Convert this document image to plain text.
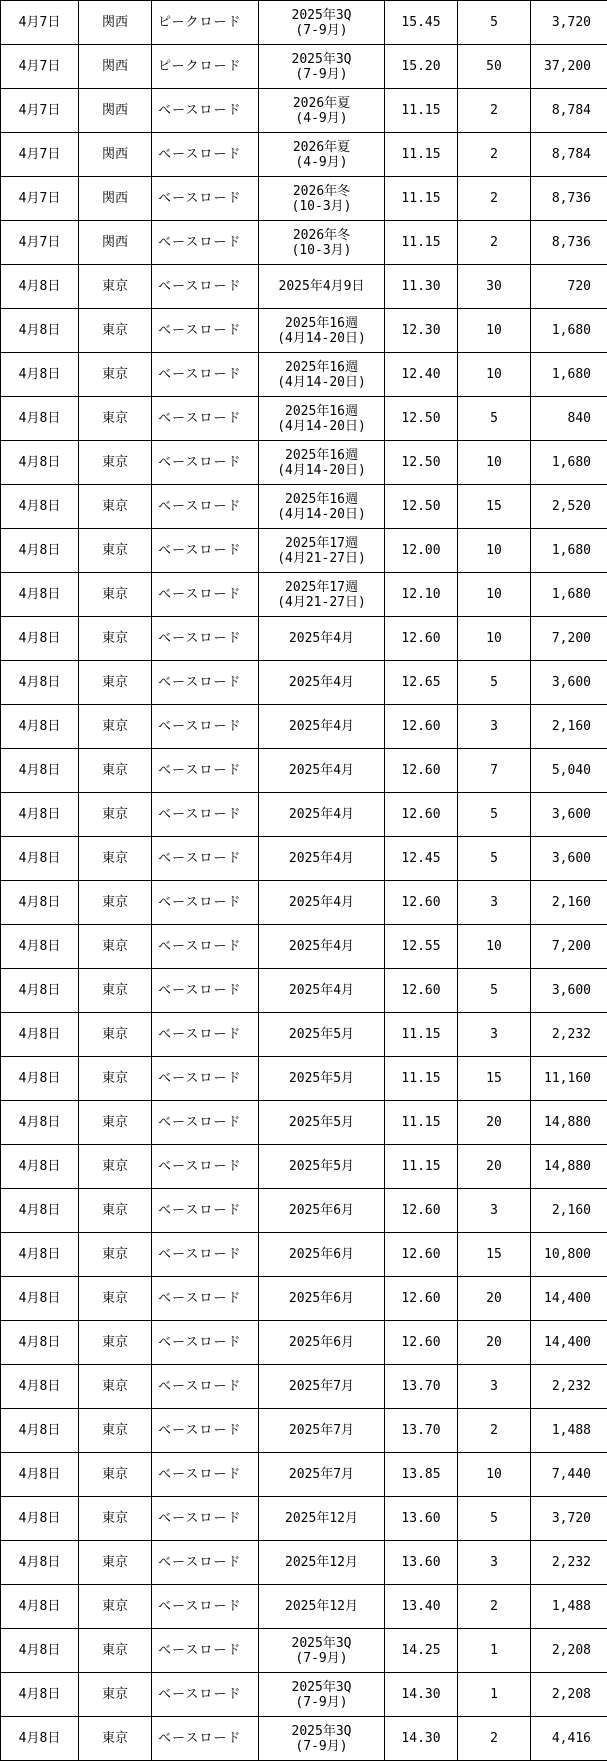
4月7日	関西	ピークロード	2025年3Q
(7-9月)	15.45	5	3,720
4月7日	関西	ピークロード	2025年3Q
(7-9月)	15.20	50	37,200
4月7日	関西	ベースロード	2026年夏
(4-9月)	11.15	2	8,784
4月7日	関西	ベースロード	2026年夏
(4-9月)	11.15	2	8,784
4月7日	関西	ベースロード	2026年冬
(10-3月)	11.15	2	8,736
4月7日	関西	ベースロード	2026年冬
(10-3月)	11.15	2	8,736
4月8日	東京	ベースロード	2025年4月9日	11.30	30	720
4月8日	東京	ベースロード	2025年16週
(4月14-20日)	12.30	10	1,680
4月8日	東京	ベースロード	2025年16週
(4月14-20日)	12.40	10	1,680
4月8日	東京	ベースロード	2025年16週
(4月14-20日)	12.50	5	840
4月8日	東京	ベースロード	2025年16週
(4月14-20日)	12.50	10	1,680
4月8日	東京	ベースロード	2025年16週
(4月14-20日)	12.50	15	2,520
4月8日	東京	ベースロード	2025年17週
(4月21-27日)	12.00	10	1,680
4月8日	東京	ベースロード	2025年17週
(4月21-27日)	12.10	10	1,680
4月8日	東京	ベースロード	2025年4月	12.60	10	7,200
4月8日	東京	ベースロード	2025年4月	12.65	5	3,600
4月8日	東京	ベースロード	2025年4月	12.60	3	2,160
4月8日	東京	ベースロード	2025年4月	12.60	7	5,040
4月8日	東京	ベースロード	2025年4月	12.60	5	3,600
4月8日	東京	ベースロード	2025年4月	12.45	5	3,600
4月8日	東京	ベースロード	2025年4月	12.60	3	2,160
4月8日	東京	ベースロード	2025年4月	12.55	10	7,200
4月8日	東京	ベースロード	2025年4月	12.60	5	3,600
4月8日	東京	ベースロード	2025年5月	11.15	3	2,232
4月8日	東京	ベースロード	2025年5月	11.15	15	11,160
4月8日	東京	ベースロード	2025年5月	11.15	20	14,880
4月8日	東京	ベースロード	2025年5月	11.15	20	14,880
4月8日	東京	ベースロード	2025年6月	12.60	3	2,160
4月8日	東京	ベースロード	2025年6月	12.60	15	10,800
4月8日	東京	ベースロード	2025年6月	12.60	20	14,400
4月8日	東京	ベースロード	2025年6月	12.60	20	14,400
4月8日	東京	ベースロード	2025年7月	13.70	3	2,232
4月8日	東京	ベースロード	2025年7月	13.70	2	1,488
4月8日	東京	ベースロード	2025年7月	13.85	10	7,440
4月8日	東京	ベースロード	2025年12月	13.60	5	3,720
4月8日	東京	ベースロード	2025年12月	13.60	3	2,232
4月8日	東京	ベースロード	2025年12月	13.40	2	1,488
4月8日	東京	ベースロード	2025年3Q
(7-9月)	14.25	1	2,208
4月8日	東京	ベースロード	2025年3Q
(7-9月)	14.30	1	2,208
4月8日	東京	ベースロード	2025年3Q
(7-9月)	14.30	2	4,416
